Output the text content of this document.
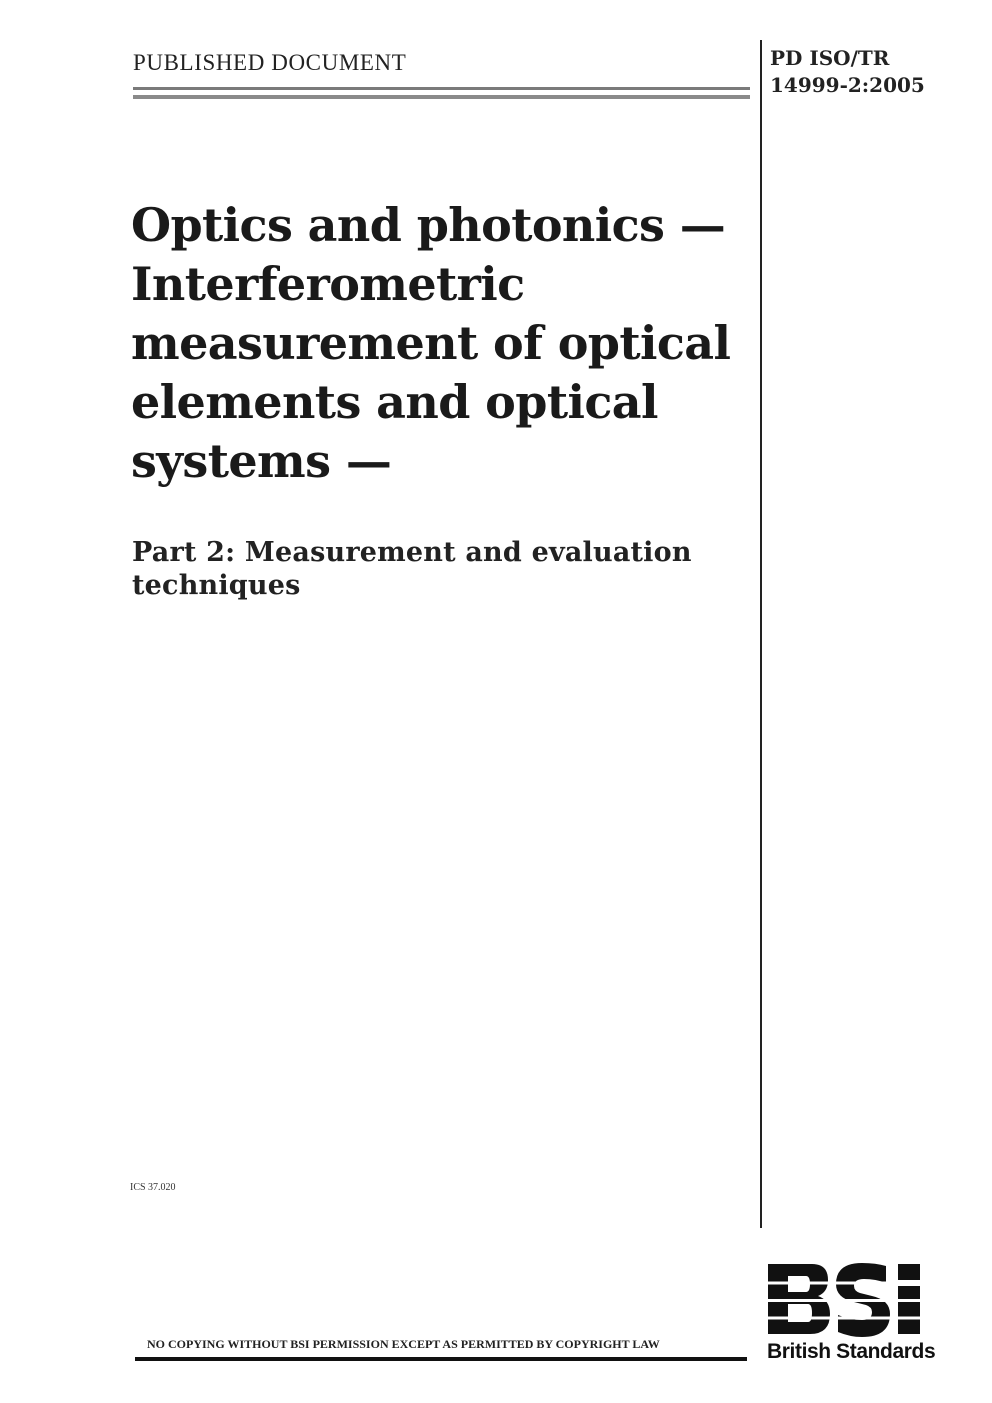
PUBLISHED DOCUMENT	PD ISO/TR
14999-2:2005
Optics and photonics —
Interferometric
measurement of optical
elements and optical
systems —
Part 2: Measurement and evaluation
techniques
ICS 37.020
NO COPYING WITHOUT BSI PERMISSION EXCEPT AS PERMITTED BY COPYRIGHT LAW	British Standards
